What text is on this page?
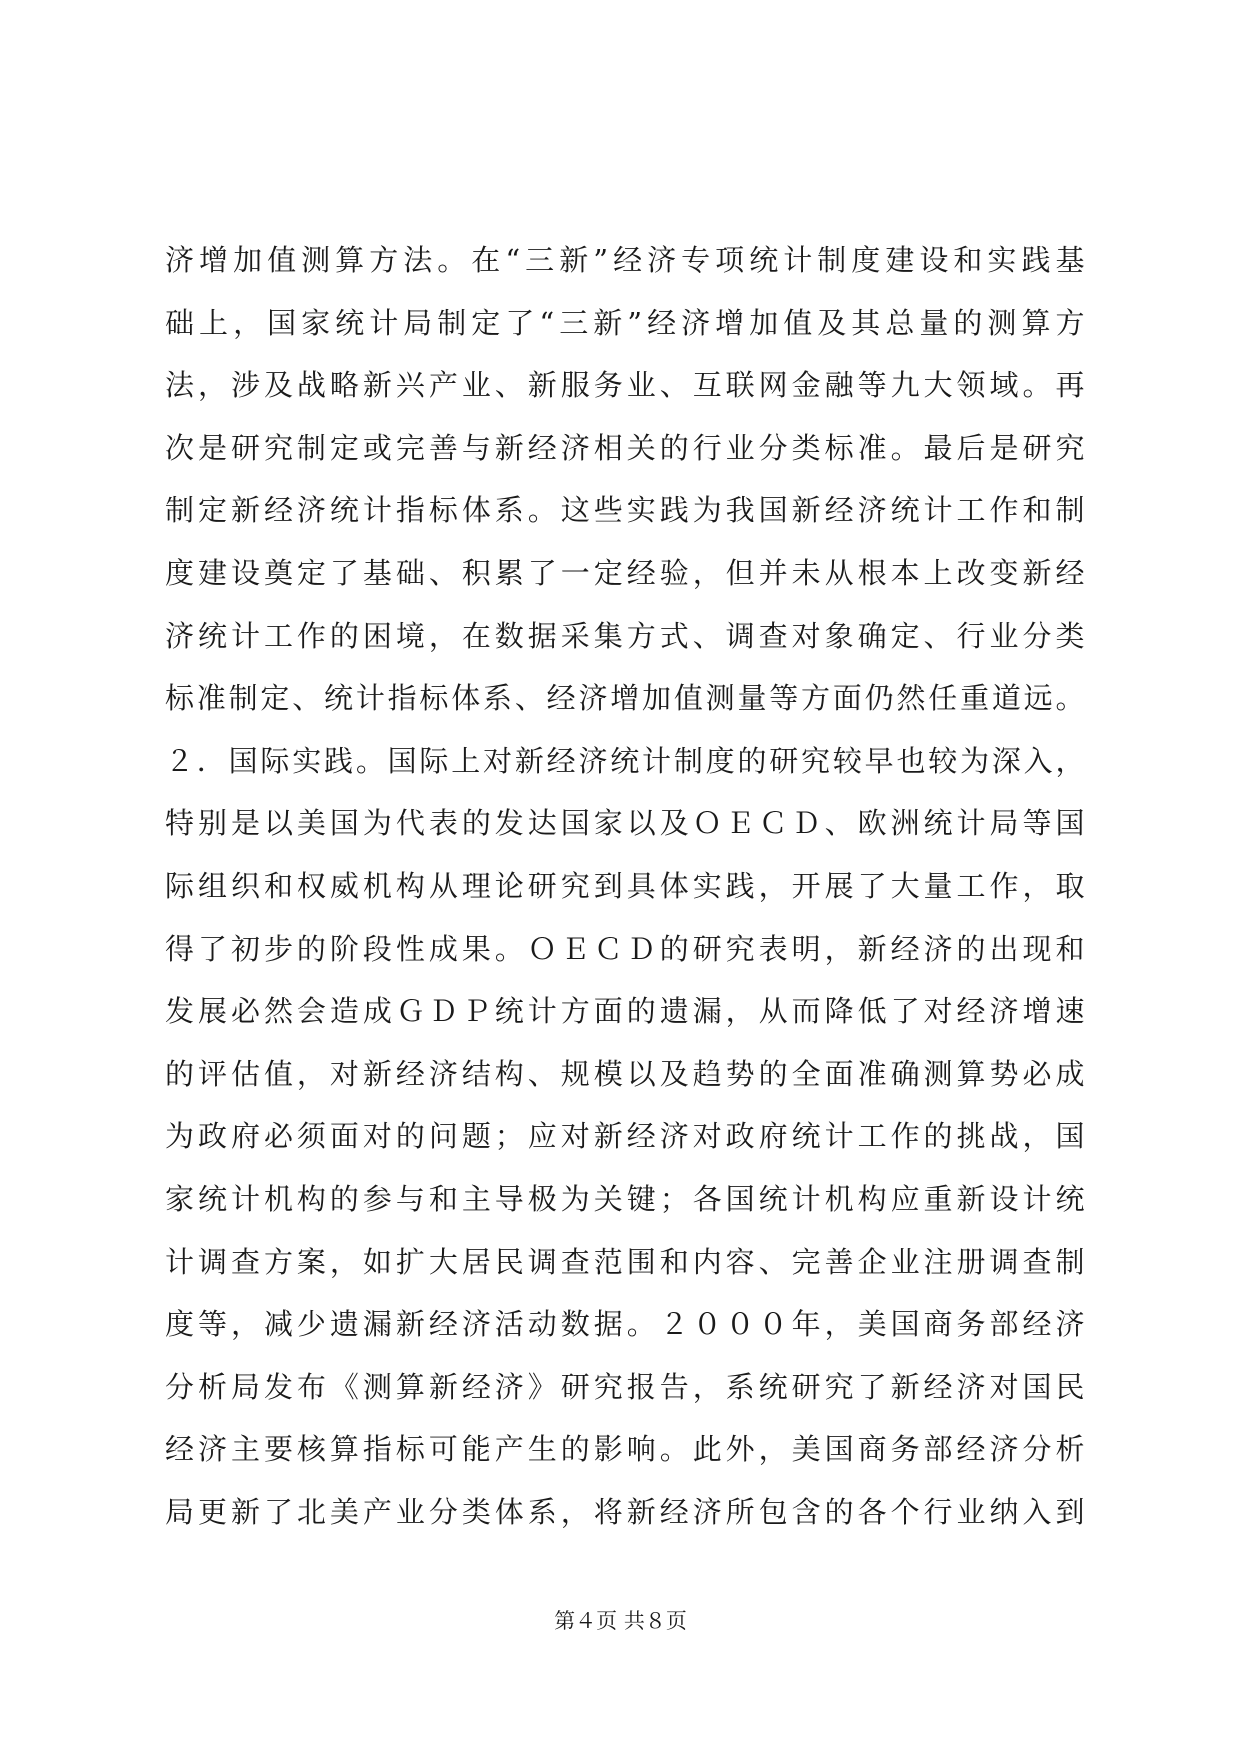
济增加值测算方法。在“三新”经济专项统计制度建设和实践基
础上，国家统计局制定了“三新”经济增加值及其总量的测算方
法，涉及战略新兴产业、新服务业、互联网金融等九大领域。再
次是研究制定或完善与新经济相关的行业分类标准。最后是研究
制定新经济统计指标体系。这些实践为我国新经济统计工作和制
度建设奠定了基础、积累了一定经验，但并未从根本上改变新经
济统计工作的困境，在数据采集方式、调查对象确定、行业分类
标准制定、统计指标体系、经济增加值测量等方面仍然任重道远。
２．国际实践。国际上对新经济统计制度的研究较早也较为深入，
特别是以美国为代表的发达国家以及ＯＥＣＤ、欧洲统计局等国
际组织和权威机构从理论研究到具体实践，开展了大量工作，取
得了初步的阶段性成果。ＯＥＣＤ的研究表明，新经济的出现和
发展必然会造成ＧＤＰ统计方面的遗漏，从而降低了对经济增速
的评估值，对新经济结构、规模以及趋势的全面准确测算势必成
为政府必须面对的问题；应对新经济对政府统计工作的挑战，国
家统计机构的参与和主导极为关键；各国统计机构应重新设计统
计调查方案，如扩大居民调查范围和内容、完善企业注册调查制
度等，减少遗漏新经济活动数据。２０００年，美国商务部经济
分析局发布《测算新经济》研究报告，系统研究了新经济对国民
经济主要核算指标可能产生的影响。此外，美国商务部经济分析
局更新了北美产业分类体系，将新经济所包含的各个行业纳入到
第４页 共８页
